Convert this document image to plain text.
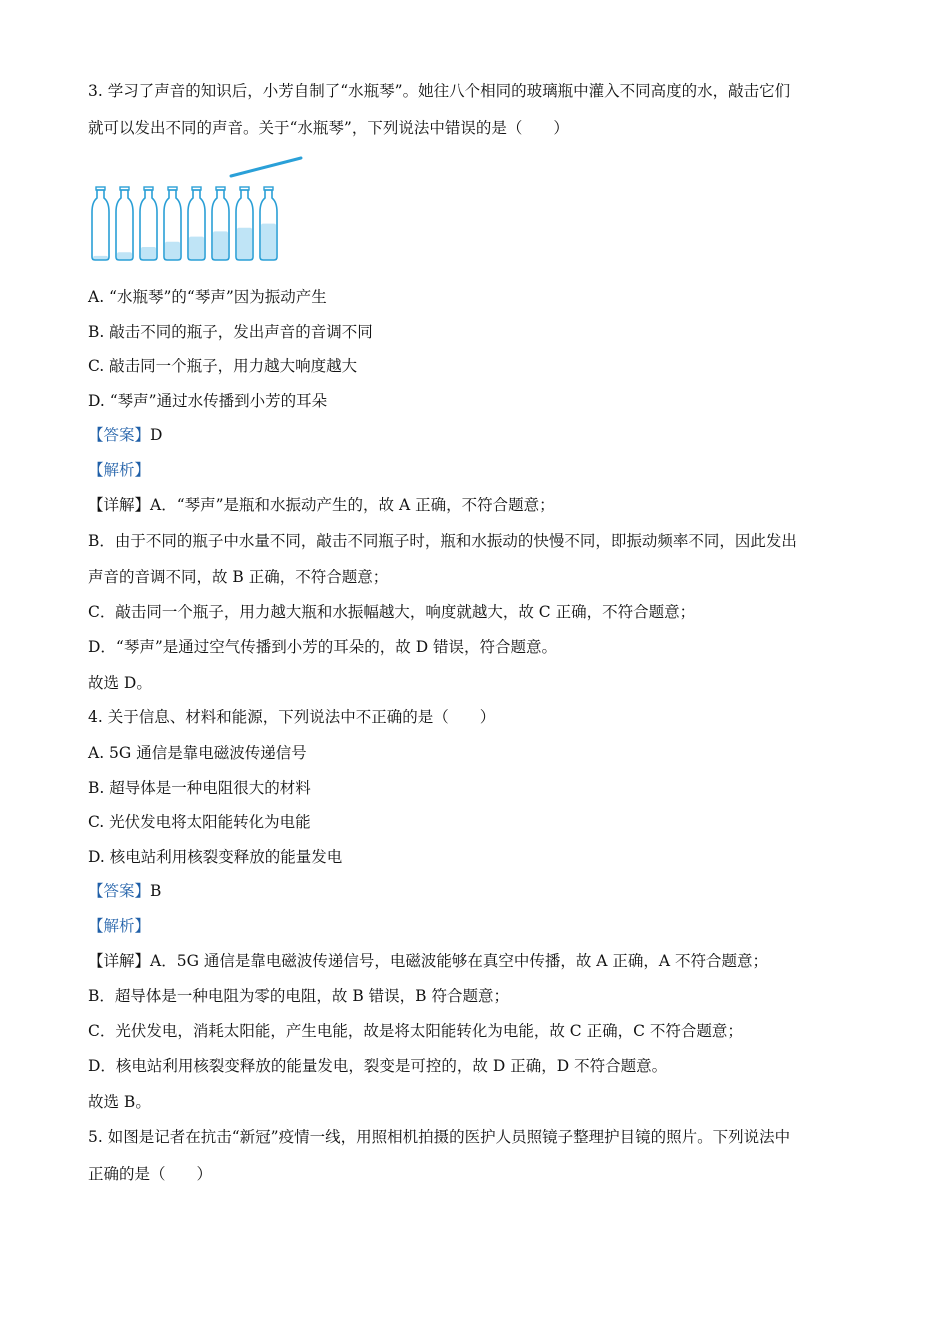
3. 学习了声音的知识后，小芳自制了“水瓶琴”。她往八个相同的玻璃瓶中灌入不同高度的水，敲击它们
就可以发出不同的声音。关于“水瓶琴”，下列说法中错误的是（　　）
A. “水瓶琴”的“琴声”因为振动产生
B. 敲击不同的瓶子，发出声音的音调不同
C. 敲击同一个瓶子，用力越大响度越大
D. “琴声”通过水传播到小芳的耳朵
【答案】D
【解析】
【详解】A．“琴声”是瓶和水振动产生的，故 A 正确，不符合题意；
B．由于不同的瓶子中水量不同，敲击不同瓶子时，瓶和水振动的快慢不同，即振动频率不同，因此发出
声音的音调不同，故 B 正确，不符合题意；
C．敲击同一个瓶子，用力越大瓶和水振幅越大，响度就越大，故 C 正确，不符合题意；
D．“琴声”是通过空气传播到小芳的耳朵的，故 D 错误，符合题意。
故选 D。
4. 关于信息、材料和能源，下列说法中不正确的是（　　）
A. 5G 通信是靠电磁波传递信号
B. 超导体是一种电阻很大的材料
C. 光伏发电将太阳能转化为电能
D. 核电站利用核裂变释放的能量发电
【答案】B
【解析】
【详解】A．5G 通信是靠电磁波传递信号，电磁波能够在真空中传播，故 A 正确，A 不符合题意；
B．超导体是一种电阻为零的电阻，故 B 错误，B 符合题意；
C．光伏发电，消耗太阳能，产生电能，故是将太阳能转化为电能，故 C 正确，C 不符合题意；
D．核电站利用核裂变释放的能量发电，裂变是可控的，故 D 正确，D 不符合题意。
故选 B。
5. 如图是记者在抗击“新冠”疫情一线，用照相机拍摄的医护人员照镜子整理护目镜的照片。下列说法中
正确的是（　　）
